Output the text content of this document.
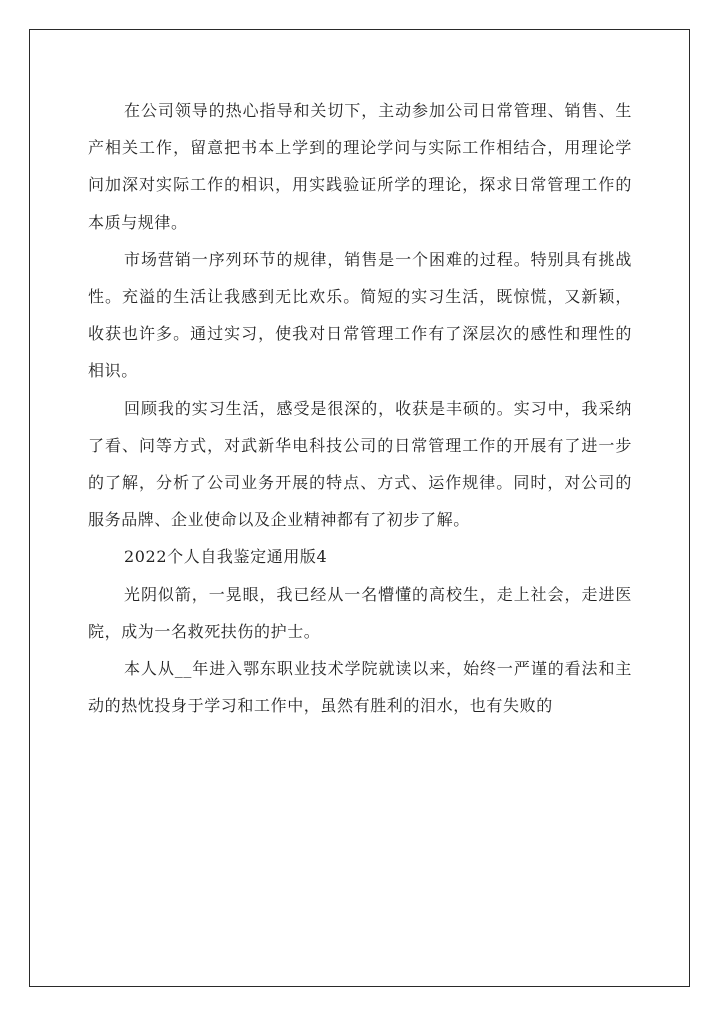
在公司领导的热心指导和关切下，主动参加公司日常管理、销售、生产相关工作，留意把书本上学到的理论学问与实际工作相结合，用理论学问加深对实际工作的相识，用实践验证所学的理论，探求日常管理工作的本质与规律。

市场营销一序列环节的规律，销售是一个困难的过程。特别具有挑战性。充溢的生活让我感到无比欢乐。简短的实习生活，既惊慌，又新颖，收获也许多。通过实习，使我对日常管理工作有了深层次的感性和理性的相识。

回顾我的实习生活，感受是很深的，收获是丰硕的。实习中，我采纳了看、问等方式，对武新华电科技公司的日常管理工作的开展有了进一步的了解，分析了公司业务开展的特点、方式、运作规律。同时，对公司的服务品牌、企业使命以及企业精神都有了初步了解。

2022个人自我鉴定通用版4

光阴似箭，一晃眼，我已经从一名懵懂的高校生，走上社会，走进医院，成为一名救死扶伤的护士。

本人从__年进入鄂东职业技术学院就读以来，始终一严谨的看法和主动的热忱投身于学习和工作中，虽然有胜利的泪水，也有失败的
